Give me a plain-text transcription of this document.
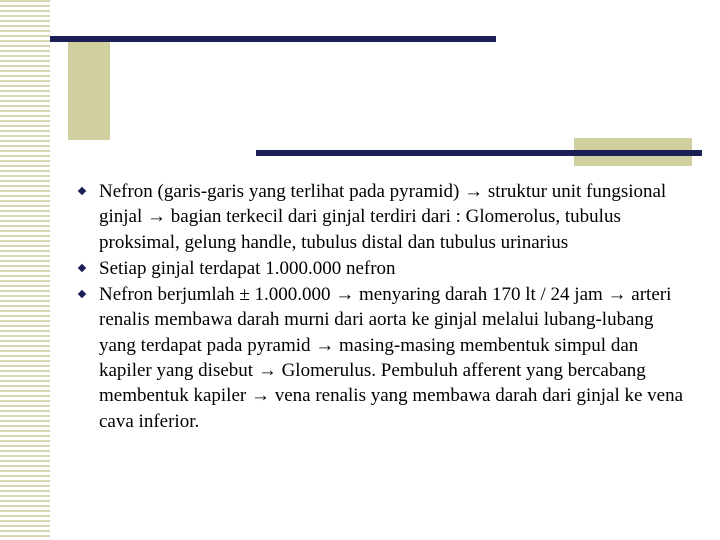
Nefron (garis-garis yang terlihat pada pyramid) → struktur unit fungsional ginjal → bagian terkecil dari ginjal terdiri dari : Glomerolus, tubulus proksimal, gelung handle, tubulus distal dan tubulus urinarius
Setiap ginjal terdapat 1.000.000 nefron
Nefron berjumlah ± 1.000.000 → menyaring darah 170 lt / 24 jam → arteri renalis membawa darah murni dari aorta ke ginjal melalui lubang-lubang yang terdapat pada pyramid → masing-masing membentuk simpul dan kapiler yang disebut → Glomerulus. Pembuluh afferent yang bercabang membentuk kapiler → vena renalis yang membawa darah dari ginjal ke vena cava inferior.
